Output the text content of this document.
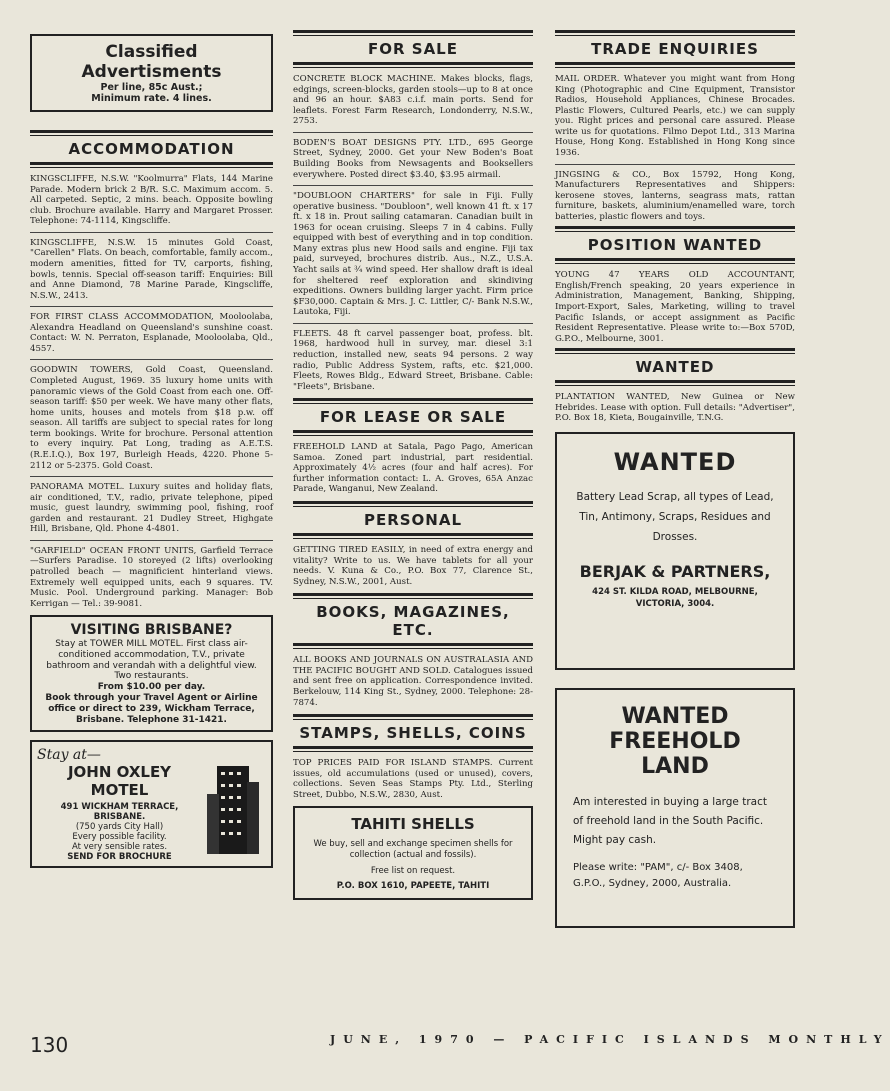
Classified Advertisments
Per line, 85c Aust.;
Minimum rate. 4 lines.
ACCOMMODATION
KINGSCLIFFE, N.S.W. "Koolmurra" Flats, 144 Marine Parade. Modern brick 2 B/R. S.C. Maximum accom. 5. All carpeted. Septic, 2 mins. beach. Opposite bowling club. Brochure available. Harry and Margaret Prosser. Telephone: 74-1114, Kingscliffe.
KINGSCLIFFE, N.S.W. 15 minutes Gold Coast, "Carellen" Flats. On beach, comfortable, family accom., modern amenities, fitted for TV, carports, fishing, bowls, tennis. Special off-season tariff: Enquiries: Bill and Anne Diamond, 78 Marine Parade, Kingscliffe, N.S.W., 2413.
FOR FIRST CLASS ACCOMMODATION, Mooloolaba, Alexandra Headland on Queensland's sunshine coast. Contact: W. N. Perraton, Esplanade, Mooloolaba, Qld., 4557.
GOODWIN TOWERS, Gold Coast, Queensland. Completed August, 1969. 35 luxury home units with panoramic views of the Gold Coast from each one. Off-season tariff: $50 per week. We have many other flats, home units, houses and motels from $18 p.w. off season. All tariffs are subject to special rates for long term bookings. Write for brochure. Personal attention to every inquiry. Pat Long, trading as A.E.T.S. (R.E.I.Q.), Box 197, Burleigh Heads, 4220. Phone 5-2112 or 5-2375. Gold Coast.
PANORAMA MOTEL. Luxury suites and holiday flats, air conditioned, T.V., radio, private telephone, piped music, guest laundry, swimming pool, fishing, roof garden and restaurant. 21 Dudley Street, Highgate Hill, Brisbane, Qld. Phone 4-4801.
"GARFIELD" OCEAN FRONT UNITS, Garfield Terrace—Surfers Paradise. 10 storeyed (2 lifts) overlooking patrolled beach — magnificient hinterland views. Extremely well equipped units, each 9 squares. TV. Music. Pool. Underground parking. Manager: Bob Kerrigan — Tel.: 39-9081.
VISITING BRISBANE?
Stay at TOWER MILL MOTEL. First class air-conditioned accommodation, T.V., private bathroom and verandah with a delightful view. Two restaurants.
From $10.00 per day.
Book through your Travel Agent or Airline office or direct to 239, Wickham Terrace, Brisbane. Telephone 31-1421.
Stay at—
JOHN OXLEY
MOTEL
491 WICKHAM TERRACE,
BRISBANE.
(750 yards City Hall)
Every possible facility.
At very sensible rates.
SEND FOR BROCHURE
FOR SALE
CONCRETE BLOCK MACHINE. Makes blocks, flags, edgings, screen-blocks, garden stools—up to 8 at once and 96 an hour. $A83 c.i.f. main ports. Send for leaflets. Forest Farm Research, Londonderry, N.S.W., 2753.
BODEN'S BOAT DESIGNS PTY. LTD., 695 George Street, Sydney, 2000. Get your New Boden's Boat Building Books from Newsagents and Booksellers everywhere. Posted direct $3.40, $3.95 airmail.
"DOUBLOON CHARTERS" for sale in Fiji. Fully operative business. "Doubloon", well known 41 ft. x 17 ft. x 18 in. Prout sailing catamaran. Canadian built in 1963 for ocean cruising. Sleeps 7 in 4 cabins. Fully equipped with best of everything and in top condition. Many extras plus new Hood sails and engine. Fiji tax paid, surveyed, brochures distrib. Aus., N.Z., U.S.A. Yacht sails at ¾ wind speed. Her shallow draft is ideal for sheltered reef exploration and skindiving expeditions. Owners building larger yacht. Firm price $F30,000. Captain & Mrs. J. C. Littler, C/- Bank N.S.W., Lautoka, Fiji.
FLEETS. 48 ft carvel passenger boat, profess. blt. 1968, hardwood hull in survey, mar. diesel 3:1 reduction, installed new, seats 94 persons. 2 way radio, Public Address System, rafts, etc. $21,000. Fleets, Rowes Bldg., Edward Street, Brisbane. Cable: "Fleets", Brisbane.
FOR LEASE OR SALE
FREEHOLD LAND at Satala, Pago Pago, American Samoa. Zoned part industrial, part residential. Approximately 4½ acres (four and half acres). For further information contact: L. A. Groves, 65A Anzac Parade, Wanganui, New Zealand.
PERSONAL
GETTING TIRED EASILY, in need of extra energy and vitality? Write to us. We have tablets for all your needs. V. Kuna & Co., P.O. Box 77, Clarence St., Sydney, N.S.W., 2001, Aust.
BOOKS, MAGAZINES, ETC.
ALL BOOKS AND JOURNALS ON AUSTRALASIA AND THE PACIFIC BOUGHT AND SOLD. Catalogues issued and sent free on application. Correspondence invited. Berkelouw, 114 King St., Sydney, 2000. Telephone: 28-7874.
STAMPS, SHELLS, COINS
TOP PRICES PAID FOR ISLAND STAMPS. Current issues, old accumulations (used or unused), covers, collections. Seven Seas Stamps Pty. Ltd., Sterling Street, Dubbo, N.S.W., 2830, Aust.
TAHITI SHELLS
We buy, sell and exchange specimen shells for collection (actual and fossils).
Free list on request.
P.O. BOX 1610, PAPEETE, TAHITI
TRADE ENQUIRIES
MAIL ORDER. Whatever you might want from Hong King (Photographic and Cine Equipment, Transistor Radios, Household Appliances, Chinese Brocades. Plastic Flowers, Cultured Pearls, etc.) we can supply you. Right prices and personal care assured. Please write us for quotations. Filmo Depot Ltd., 313 Marina House, Hong Kong. Established in Hong Kong since 1936.
JINGSING & CO., Box 15792, Hong Kong, Manufacturers Representatives and Shippers: kerosene stoves, lanterns, seagrass mats, rattan furniture, baskets, aluminium/enamelled ware, torch batteries, plastic flowers and toys.
POSITION WANTED
YOUNG 47 YEARS OLD ACCOUNTANT, English/French speaking, 20 years experience in Administration, Management, Banking, Shipping, Import-Export, Sales, Marketing, willing to travel Pacific Islands, or accept assignment as Pacific Resident Representative. Please write to:—Box 570D, G.P.O., Melbourne, 3001.
WANTED
PLANTATION WANTED, New Guinea or New Hebrides. Lease with option. Full details: "Advertiser", P.O. Box 18, Kieta, Bougainville, T.N.G.
WANTED
Battery Lead Scrap, all types of Lead, Tin, Antimony, Scraps, Residues and Drosses.
BERJAK & PARTNERS,
424 ST. KILDA ROAD, MELBOURNE,
VICTORIA, 3004.
WANTED
FREEHOLD LAND
Am interested in buying a large tract of freehold land in the South Pacific. Might pay cash.
Please write: "PAM", c/- Box 3408, G.P.O., Sydney, 2000, Australia.
130	JUNE, 1970 — PACIFIC ISLANDS MONTHLY
